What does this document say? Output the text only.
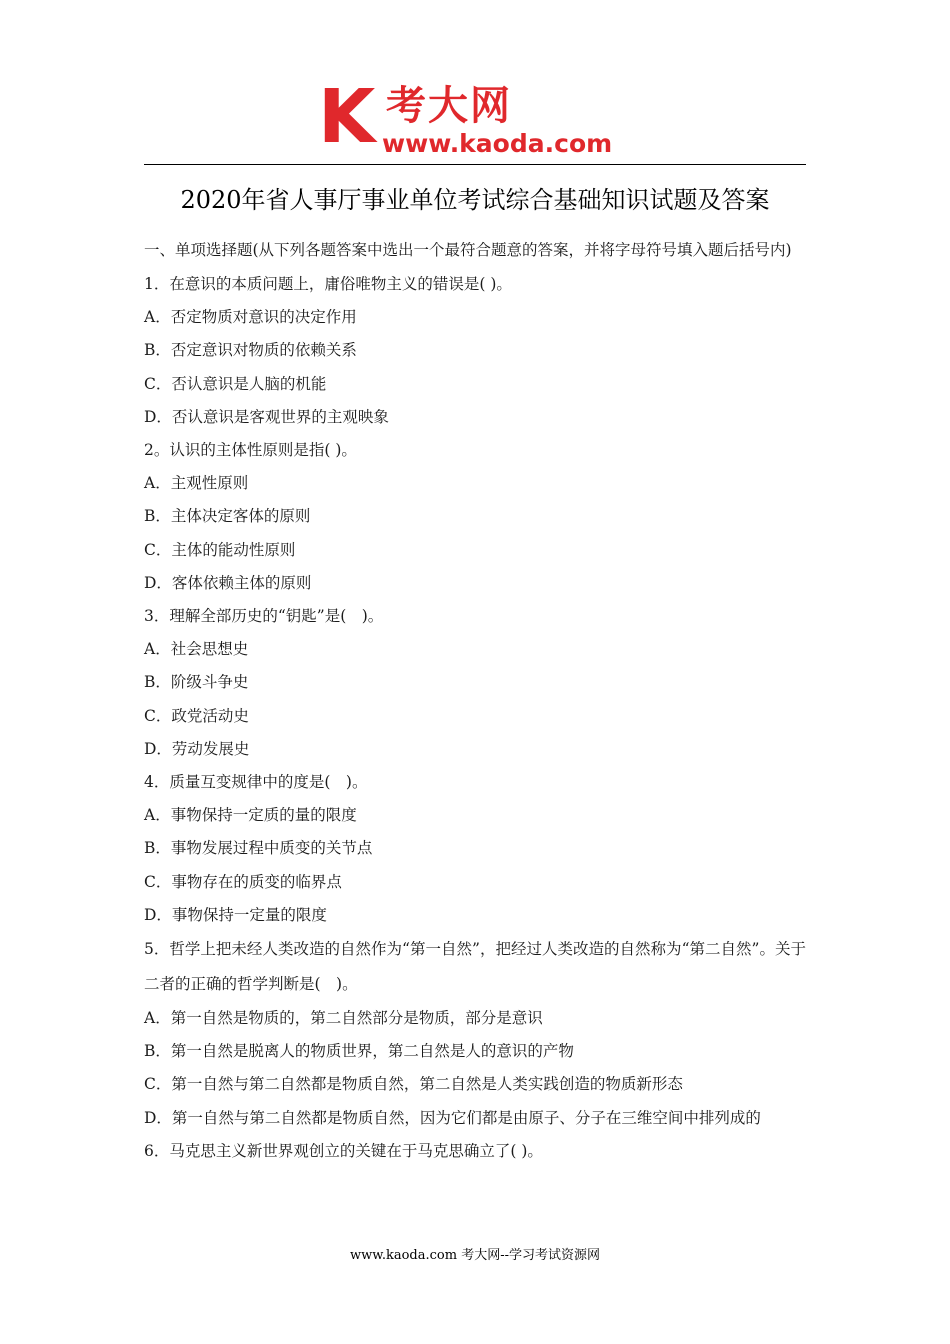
K 考大网
www.kaoda.com
2020年省人事厅事业单位考试综合基础知识试题及答案

一、单项选择题(从下列各题答案中选出一个最符合题意的答案，并将字母符号填入题后括号内)

1．在意识的本质问题上，庸俗唯物主义的错误是( )。

A．否定物质对意识的决定作用

B．否定意识对物质的依赖关系

C．否认意识是人脑的机能

D．否认意识是客观世界的主观映象

2。认识的主体性原则是指( )。

A．主观性原则

B．主体决定客体的原则

C．主体的能动性原则

D．客体依赖主体的原则

3．理解全部历史的“钥匙”是(　)。

A．社会思想史

B．阶级斗争史

C．政党活动史

D．劳动发展史

4．质量互变规律中的度是(　)。

A．事物保持一定质的量的限度

B．事物发展过程中质变的关节点

C．事物存在的质变的临界点

D．事物保持一定量的限度

5．哲学上把未经人类改造的自然作为“第一自然”，把经过人类改造的自然称为“第二自然”。关于二者的正确的哲学判断是(　)。

A．第一自然是物质的，第二自然部分是物质，部分是意识

B．第一自然是脱离人的物质世界，第二自然是人的意识的产物

C．第一自然与第二自然都是物质自然，第二自然是人类实践创造的物质新形态

D．第一自然与第二自然都是物质自然，因为它们都是由原子、分子在三维空间中排列成的

6．马克思主义新世界观创立的关键在于马克思确立了( )。

www.kaoda.com 考大网--学习考试资源网
